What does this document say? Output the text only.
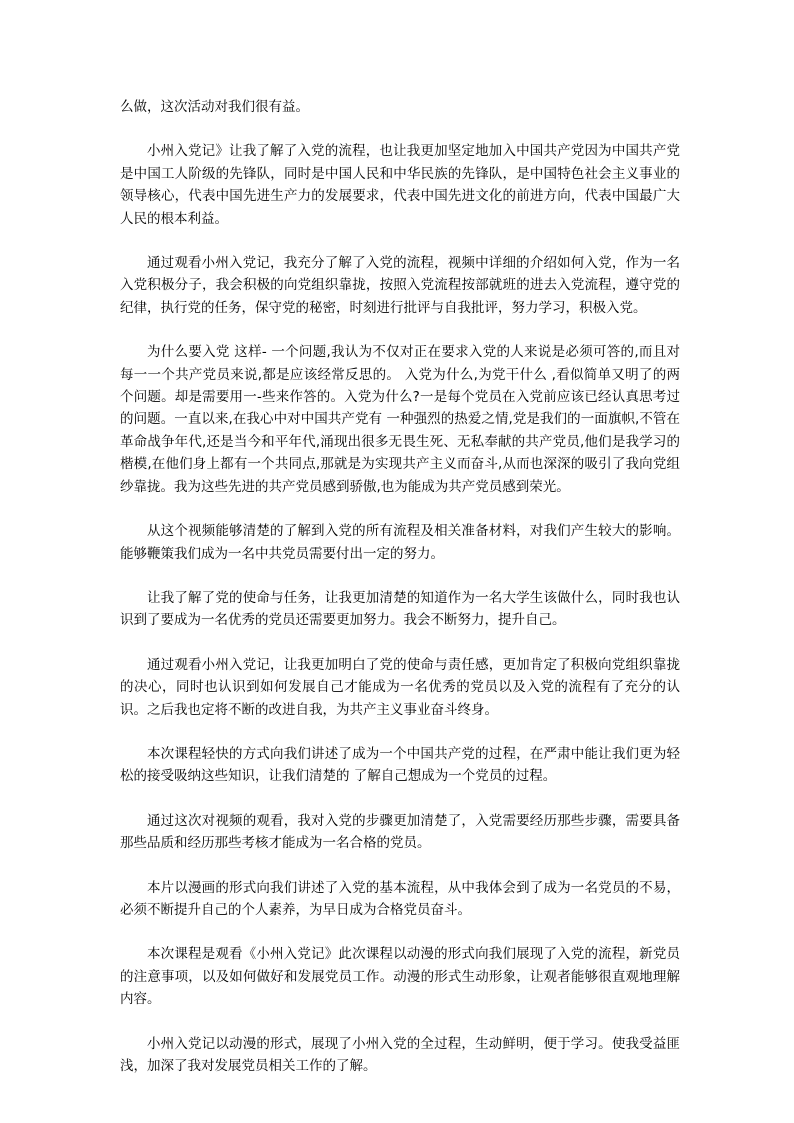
么做，这次活动对我们很有益。

小州入党记》让我了解了入党的流程，也让我更加坚定地加入中国共产党因为中国共产党是中国工人阶级的先锋队，同时是中国人民和中华民族的先锋队，是中国特色社会主义事业的领导核心，代表中国先进生产力的发展要求，代表中国先进文化的前进方向，代表中国最广大人民的根本利益。

通过观看小州入党记，我充分了解了入党的流程，视频中详细的介绍如何入党，作为一名入党积极分子，我会积极的向党组织靠拢，按照入党流程按部就班的进去入党流程，遵守党的纪律，执行党的任务，保守党的秘密，时刻进行批评与自我批评，努力学习，积极入党。

为什么要入党 这样- 一个问题,我认为不仅对正在要求入党的人来说是必须可答的,而且对每一一个共产党员来说,都是应该经常反思的。 入党为什么,为党干什么 ,看似简单又明了的两个问题。却是需要用一-些来作答的。入党为什么?一是每个党员在入党前应该已经认真思考过的问题。一直以来,在我心中对中国共产党有 一种强烈的热爱之情,党是我们的一面旗帜,不管在革命战争年代,还是当今和平年代,涌现出很多无畏生死、无私奉献的共产党员,他们是我学习的楷模,在他们身上都有一个共同点,那就是为实现共产主义而奋斗,从而也深深的吸引了我向党组纱靠拢。我为这些先进的共产党员感到骄傲,也为能成为共产党员感到荣光。

从这个视频能够清楚的了解到入党的所有流程及相关准备材料，对我们产生较大的影响。能够鞭策我们成为一名中共党员需要付出一定的努力。

让我了解了党的使命与任务，让我更加清楚的知道作为一名大学生该做什么，同时我也认识到了要成为一名优秀的党员还需要更加努力。我会不断努力，提升自己。

通过观看小州入党记，让我更加明白了党的使命与责任感，更加肯定了积极向党组织靠拢的决心，同时也认识到如何发展自己才能成为一名优秀的党员以及入党的流程有了充分的认识。之后我也定将不断的改进自我，为共产主义事业奋斗终身。

本次课程轻快的方式向我们讲述了成为一个中国共产党的过程，在严肃中能让我们更为轻松的接受吸纳这些知识，让我们清楚的 了解自己想成为一个党员的过程。

通过这次对视频的观看，我对入党的步骤更加清楚了，入党需要经历那些步骤，需要具备那些品质和经历那些考核才能成为一名合格的党员。

本片以漫画的形式向我们讲述了入党的基本流程，从中我体会到了成为一名党员的不易，必须不断提升自己的个人素养，为早日成为合格党员奋斗。

本次课程是观看《小州入党记》此次课程以动漫的形式向我们展现了入党的流程，新党员的注意事项，以及如何做好和发展党员工作。动漫的形式生动形象，让观者能够很直观地理解内容。

小州入党记以动漫的形式，展现了小州入党的全过程，生动鲜明，便于学习。使我受益匪浅，加深了我对发展党员相关工作的了解。
